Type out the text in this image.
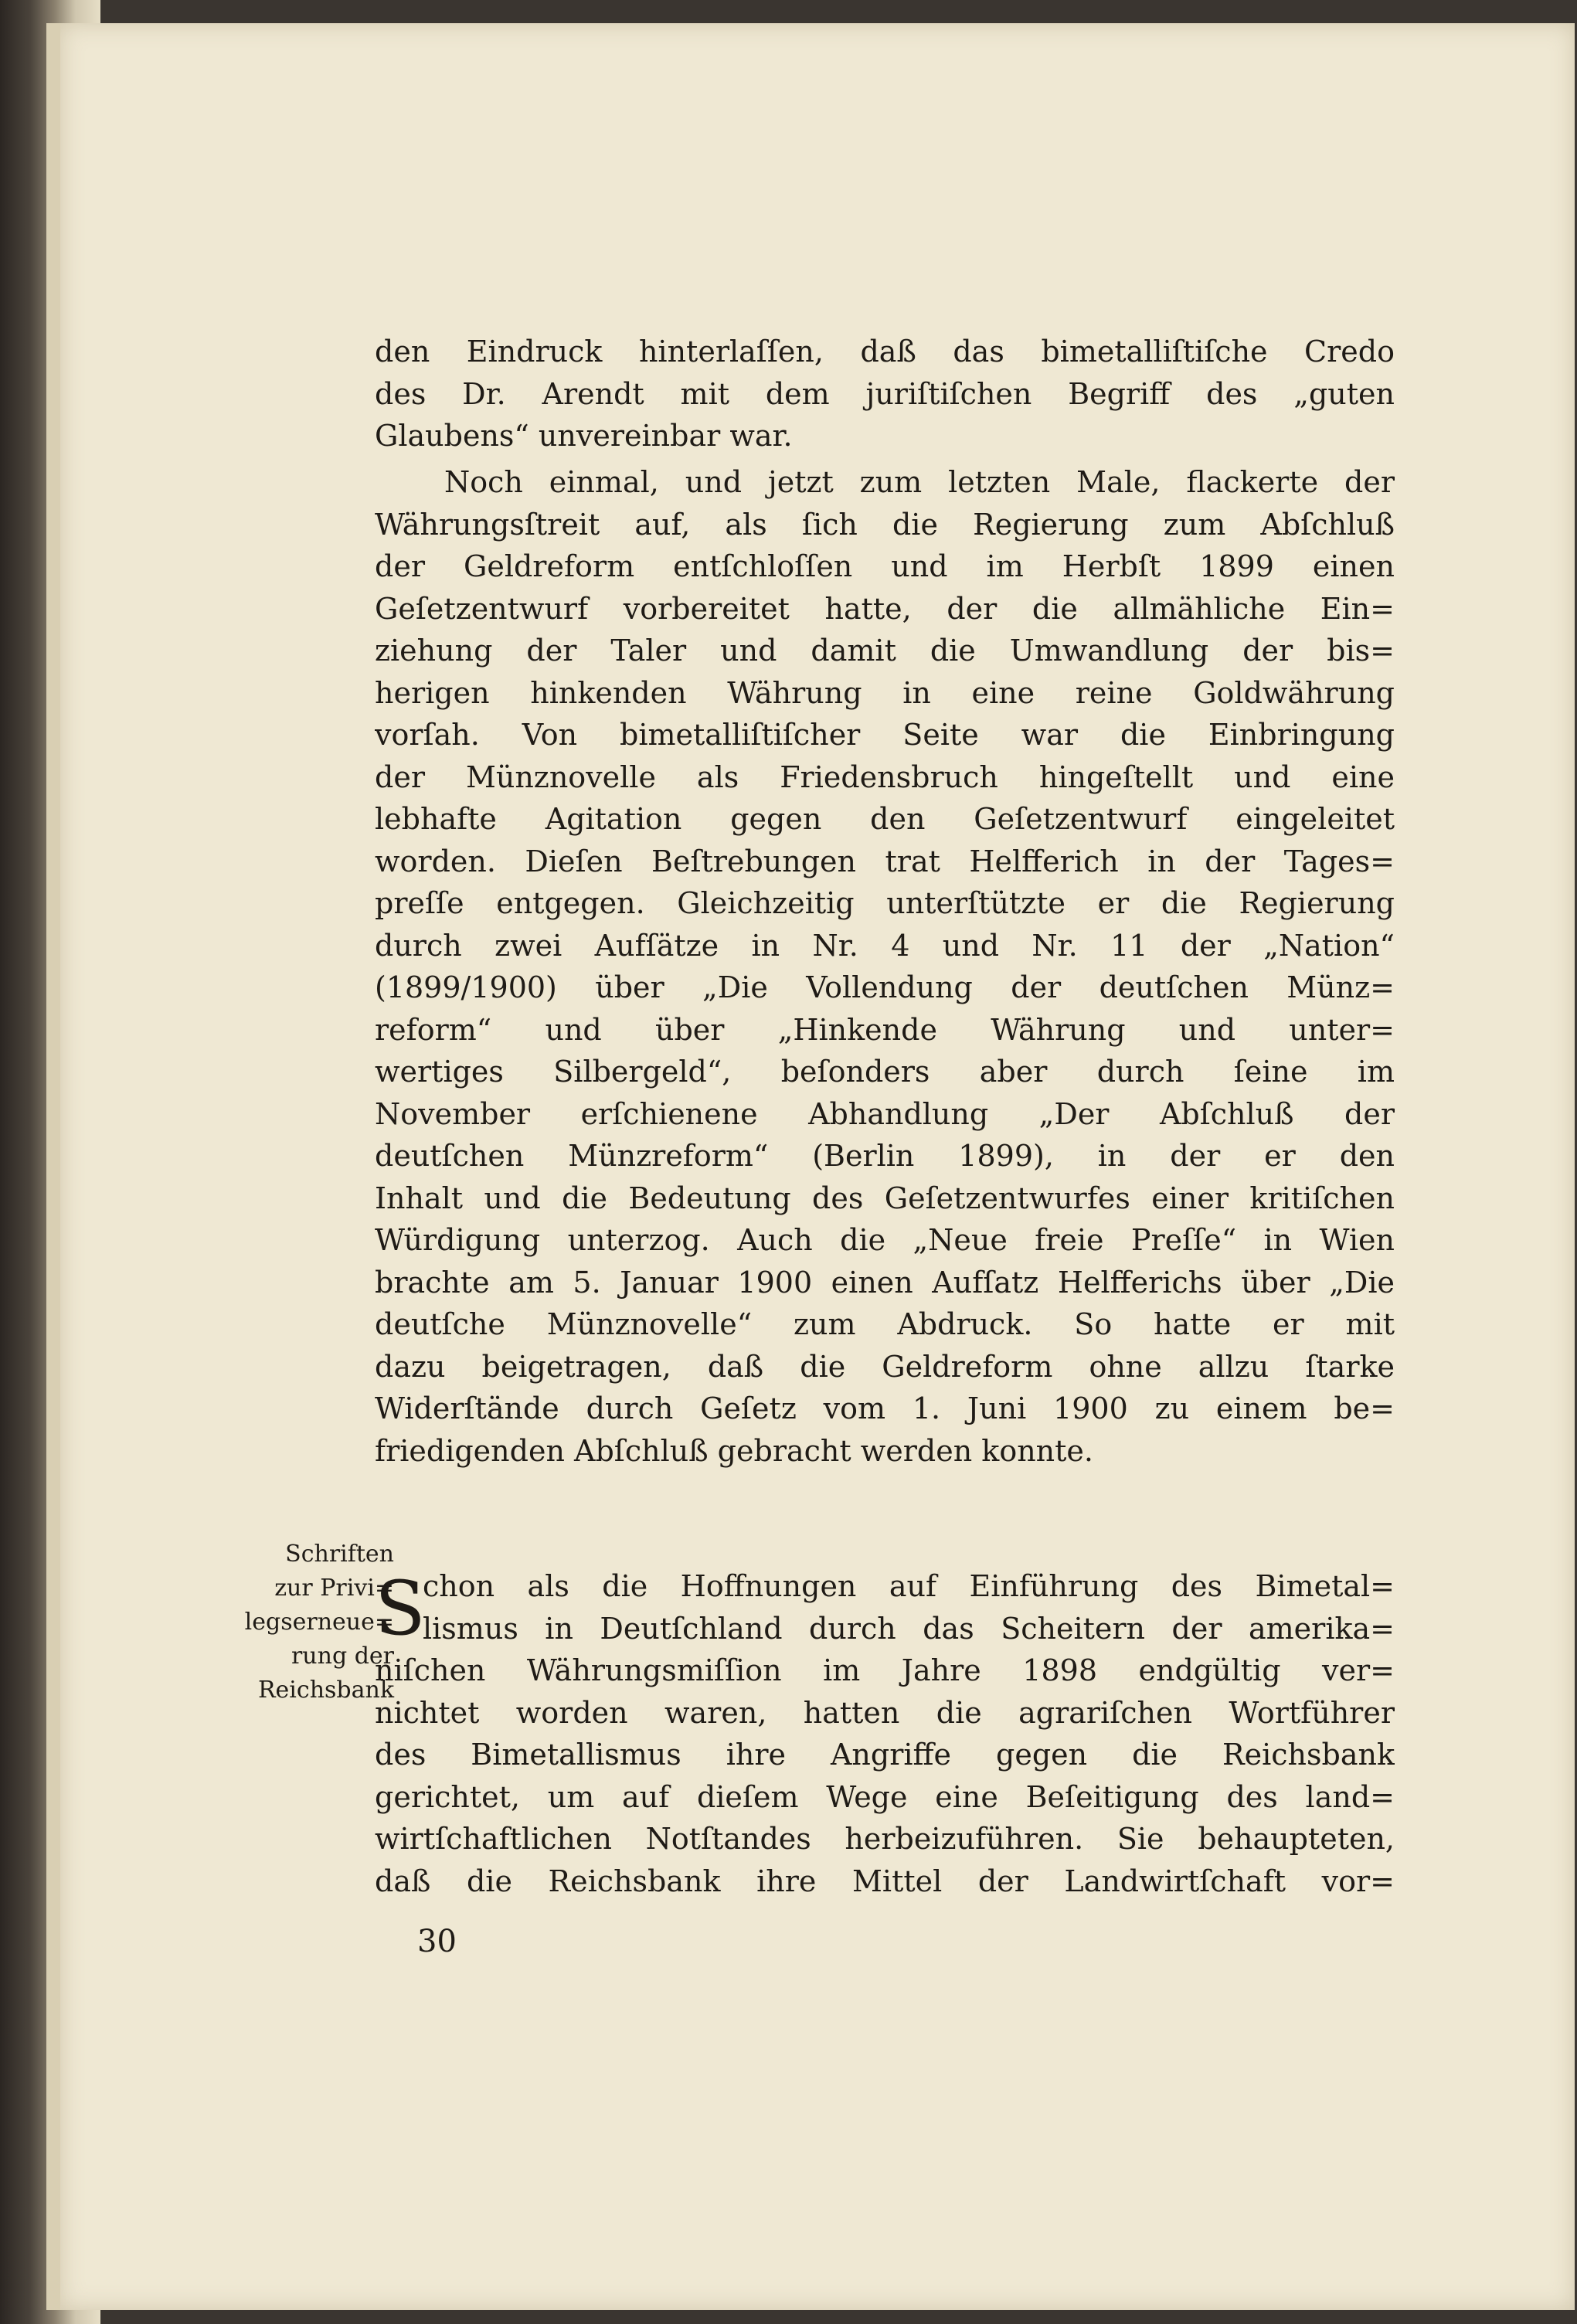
den Eindruck hinterlaſſen, daß das bimetalliſtiſche Credo
des Dr. Arendt mit dem juriſtiſchen Begriff des „guten
Glaubens“ unvereinbar war.
Noch einmal, und jetzt zum letzten Male, flackerte der
Währungsſtreit auf, als ſich die Regierung zum Abſchluß
der Geldreform entſchloſſen und im Herbſt 1899 einen
Geſetzentwurf vorbereitet hatte, der die allmähliche Ein=
ziehung der Taler und damit die Umwandlung der bis=
herigen hinkenden Währung in eine reine Goldwährung
vorſah. Von bimetalliſtiſcher Seite war die Einbringung
der Münznovelle als Friedensbruch hingeſtellt und eine
lebhafte Agitation gegen den Geſetzentwurf eingeleitet
worden. Dieſen Beſtrebungen trat Helfferich in der Tages=
preſſe entgegen. Gleichzeitig unterſtützte er die Regierung
durch zwei Aufſätze in Nr. 4 und Nr. 11 der „Nation“
(1899/1900) über „Die Vollendung der deutſchen Münz=
reform“ und über „Hinkende Währung und unter=
wertiges Silbergeld“, beſonders aber durch ſeine im
November erſchienene Abhandlung „Der Abſchluß der
deutſchen Münzreform“ (Berlin 1899), in der er den
Inhalt und die Bedeutung des Geſetzentwurfes einer kritiſchen
Würdigung unterzog. Auch die „Neue freie Preſſe“ in Wien
brachte am 5. Januar 1900 einen Aufſatz Helfferichs über „Die
deutſche Münznovelle“ zum Abdruck. So hatte er mit
dazu beigetragen, daß die Geldreform ohne allzu ſtarke
Widerſtände durch Geſetz vom 1. Juni 1900 zu einem be=
friedigenden Abſchluß gebracht werden konnte.
Schriften
zur Privi=
legserneue=
rung der
Reichsbank
S
chon als die Hoffnungen auf Einführung des Bimetal=
lismus in Deutſchland durch das Scheitern der amerika=
niſchen Währungsmiſſion im Jahre 1898 endgültig ver=
nichtet worden waren, hatten die agrariſchen Wortführer
des Bimetallismus ihre Angriffe gegen die Reichsbank
gerichtet, um auf dieſem Wege eine Beſeitigung des land=
wirtſchaftlichen Notſtandes herbeizuführen. Sie behaupteten,
daß die Reichsbank ihre Mittel der Landwirtſchaft vor=
30
